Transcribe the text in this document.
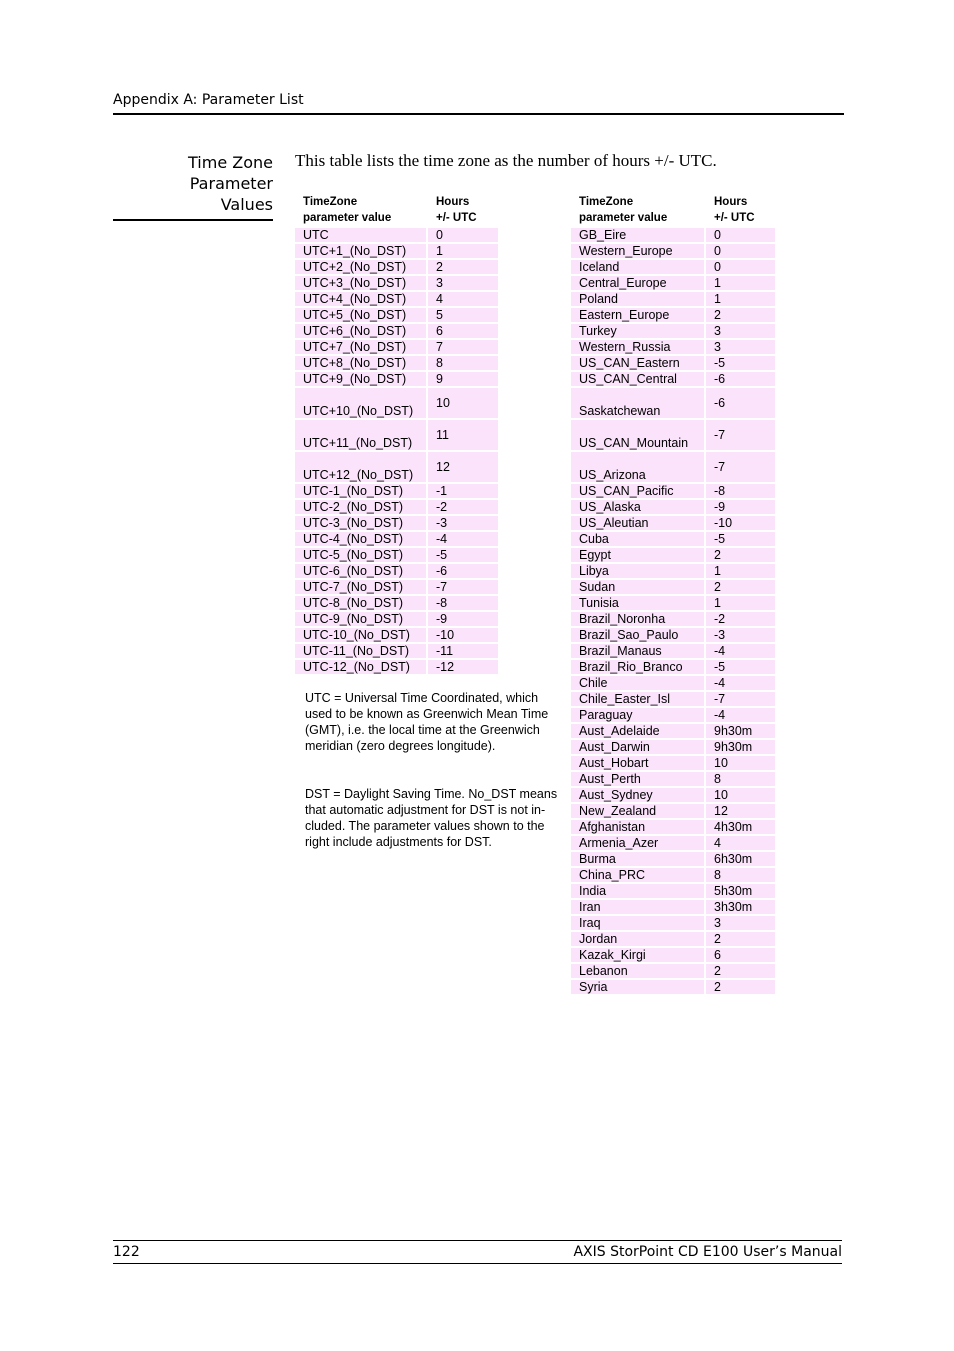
Appendix A: Parameter List
Time Zone Parameter
Values
This table lists the time zone as the number of hours +/- UTC.
TimeZone
parameter value	Hours
+/- UTC
UTC	0
UTC+1_(No_DST)	1
UTC+2_(No_DST)	2
UTC+3_(No_DST)	3
UTC+4_(No_DST)	4
UTC+5_(No_DST)	5
UTC+6_(No_DST)	6
UTC+7_(No_DST)	7
UTC+8_(No_DST)	8
UTC+9_(No_DST)	9
UTC+10_(No_DST)	10
UTC+11_(No_DST)	11
UTC+12_(No_DST)	12
UTC-1_(No_DST)	-1
UTC-2_(No_DST)	-2
UTC-3_(No_DST)	-3
UTC-4_(No_DST)	-4
UTC-5_(No_DST)	-5
UTC-6_(No_DST)	-6
UTC-7_(No_DST)	-7
UTC-8_(No_DST)	-8
UTC-9_(No_DST)	-9
UTC-10_(No_DST)	-10
UTC-11_(No_DST)	-11
UTC-12_(No_DST)	-12
TimeZone
parameter value	Hours
+/- UTC
GB_Eire	0
Western_Europe	0
Iceland	0
Central_Europe	1
Poland	1
Eastern_Europe	2
Turkey	3
Western_Russia	3
US_CAN_Eastern	-5
US_CAN_Central	-6
Saskatchewan	-6
US_CAN_Mountain	-7
US_Arizona	-7
US_CAN_Pacific	-8
US_Alaska	-9
US_Aleutian	-10
Cuba	-5
Egypt	2
Libya	1
Sudan	2
Tunisia	1
Brazil_Noronha	-2
Brazil_Sao_Paulo	-3
Brazil_Manaus	-4
Brazil_Rio_Branco	-5
Chile	-4
Chile_Easter_Isl	-7
Paraguay	-4
Aust_Adelaide	9h30m
Aust_Darwin	9h30m
Aust_Hobart	10
Aust_Perth	8
Aust_Sydney	10
New_Zealand	12
Afghanistan	4h30m
Armenia_Azer	4
Burma	6h30m
China_PRC	8
India	5h30m
Iran	3h30m
Iraq	3
Jordan	2
Kazak_Kirgi	6
Lebanon	2
Syria	2
UTC = Universal Time Coordinated, which used to be known as Greenwich Mean Time (GMT), i.e. the local time at the Greenwich meridian (zero degrees longitude).
DST = Daylight Saving Time. No_DST means that automatic adjustment for DST is not in-cluded. The parameter values shown to the right include adjustments for DST.
122	AXIS StorPoint CD E100 User’s Manual
